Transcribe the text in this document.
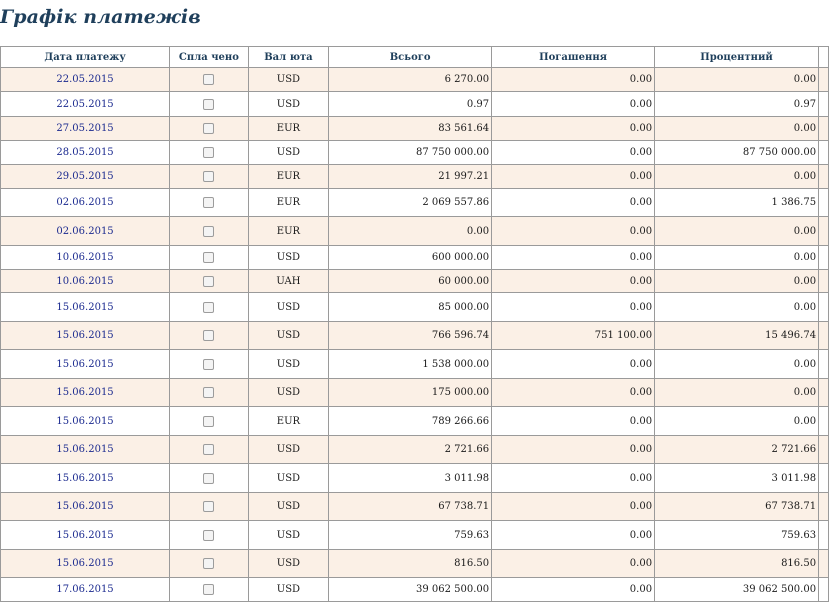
Графік платежів
Дата платежу	Спла чено	Вал юта	Всього	Погашення	Процентний	
22.05.2015		USD	6 270.00	0.00	0.00	
22.05.2015		USD	0.97	0.00	0.97	
27.05.2015		EUR	83 561.64	0.00	0.00	
28.05.2015		USD	87 750 000.00	0.00	87 750 000.00	
29.05.2015		EUR	21 997.21	0.00	0.00	
02.06.2015		EUR	2 069 557.86	0.00	1 386.75	
02.06.2015		EUR	0.00	0.00	0.00	
10.06.2015		USD	600 000.00	0.00	0.00	
10.06.2015		UAH	60 000.00	0.00	0.00	
15.06.2015		USD	85 000.00	0.00	0.00	
15.06.2015		USD	766 596.74	751 100.00	15 496.74	
15.06.2015		USD	1 538 000.00	0.00	0.00	
15.06.2015		USD	175 000.00	0.00	0.00	
15.06.2015		EUR	789 266.66	0.00	0.00	
15.06.2015		USD	2 721.66	0.00	2 721.66	
15.06.2015		USD	3 011.98	0.00	3 011.98	
15.06.2015		USD	67 738.71	0.00	67 738.71	
15.06.2015		USD	759.63	0.00	759.63	
15.06.2015		USD	816.50	0.00	816.50	
17.06.2015		USD	39 062 500.00	0.00	39 062 500.00	
